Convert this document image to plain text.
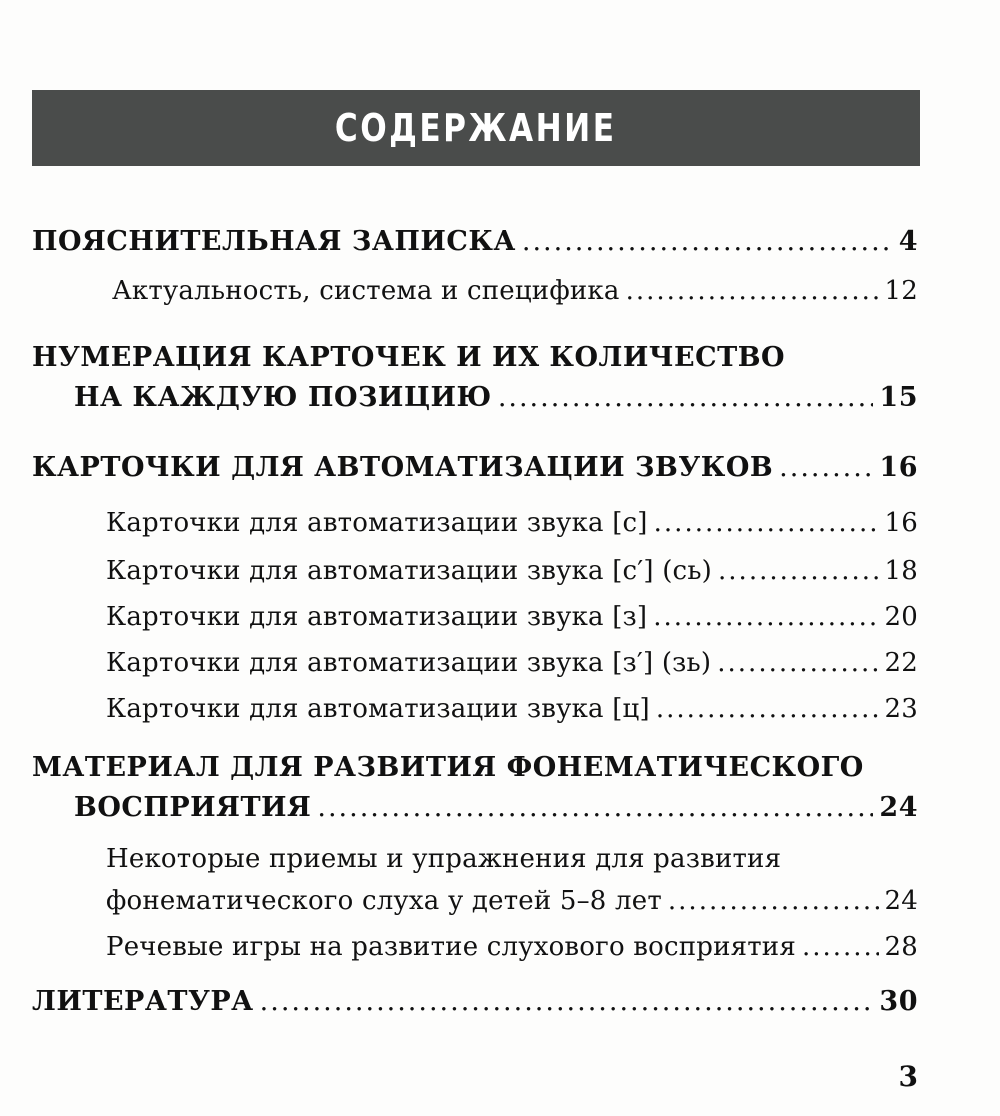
СОДЕРЖАНИЕ
ПОЯСНИТЕЛЬНАЯ ЗАПИСКА .....	4
Актуальность, система и специфика .....	12
НУМЕРАЦИЯ КАРТОЧЕК И ИХ КОЛИЧЕСТВО
НА КАЖДУЮ ПОЗИЦИЮ .....	15
КАРТОЧКИ ДЛЯ АВТОМАТИЗАЦИИ ЗВУКОВ .....	16
Карточки для автоматизации звука [с] .....	16
Карточки для автоматизации звука [с′] (сь) .....	18
Карточки для автоматизации звука [з] .....	20
Карточки для автоматизации звука [з′] (зь) .....	22
Карточки для автоматизации звука [ц] .....	23
МАТЕРИАЛ ДЛЯ РАЗВИТИЯ ФОНЕМАТИЧЕСКОГО
ВОСПРИЯТИЯ .....	24
Некоторые приемы и упражнения для развития
фонематического слуха у детей 5–8 лет .....	24
Речевые игры на развитие слухового восприятия .....	28
ЛИТЕРАТУРА .....	30
3
